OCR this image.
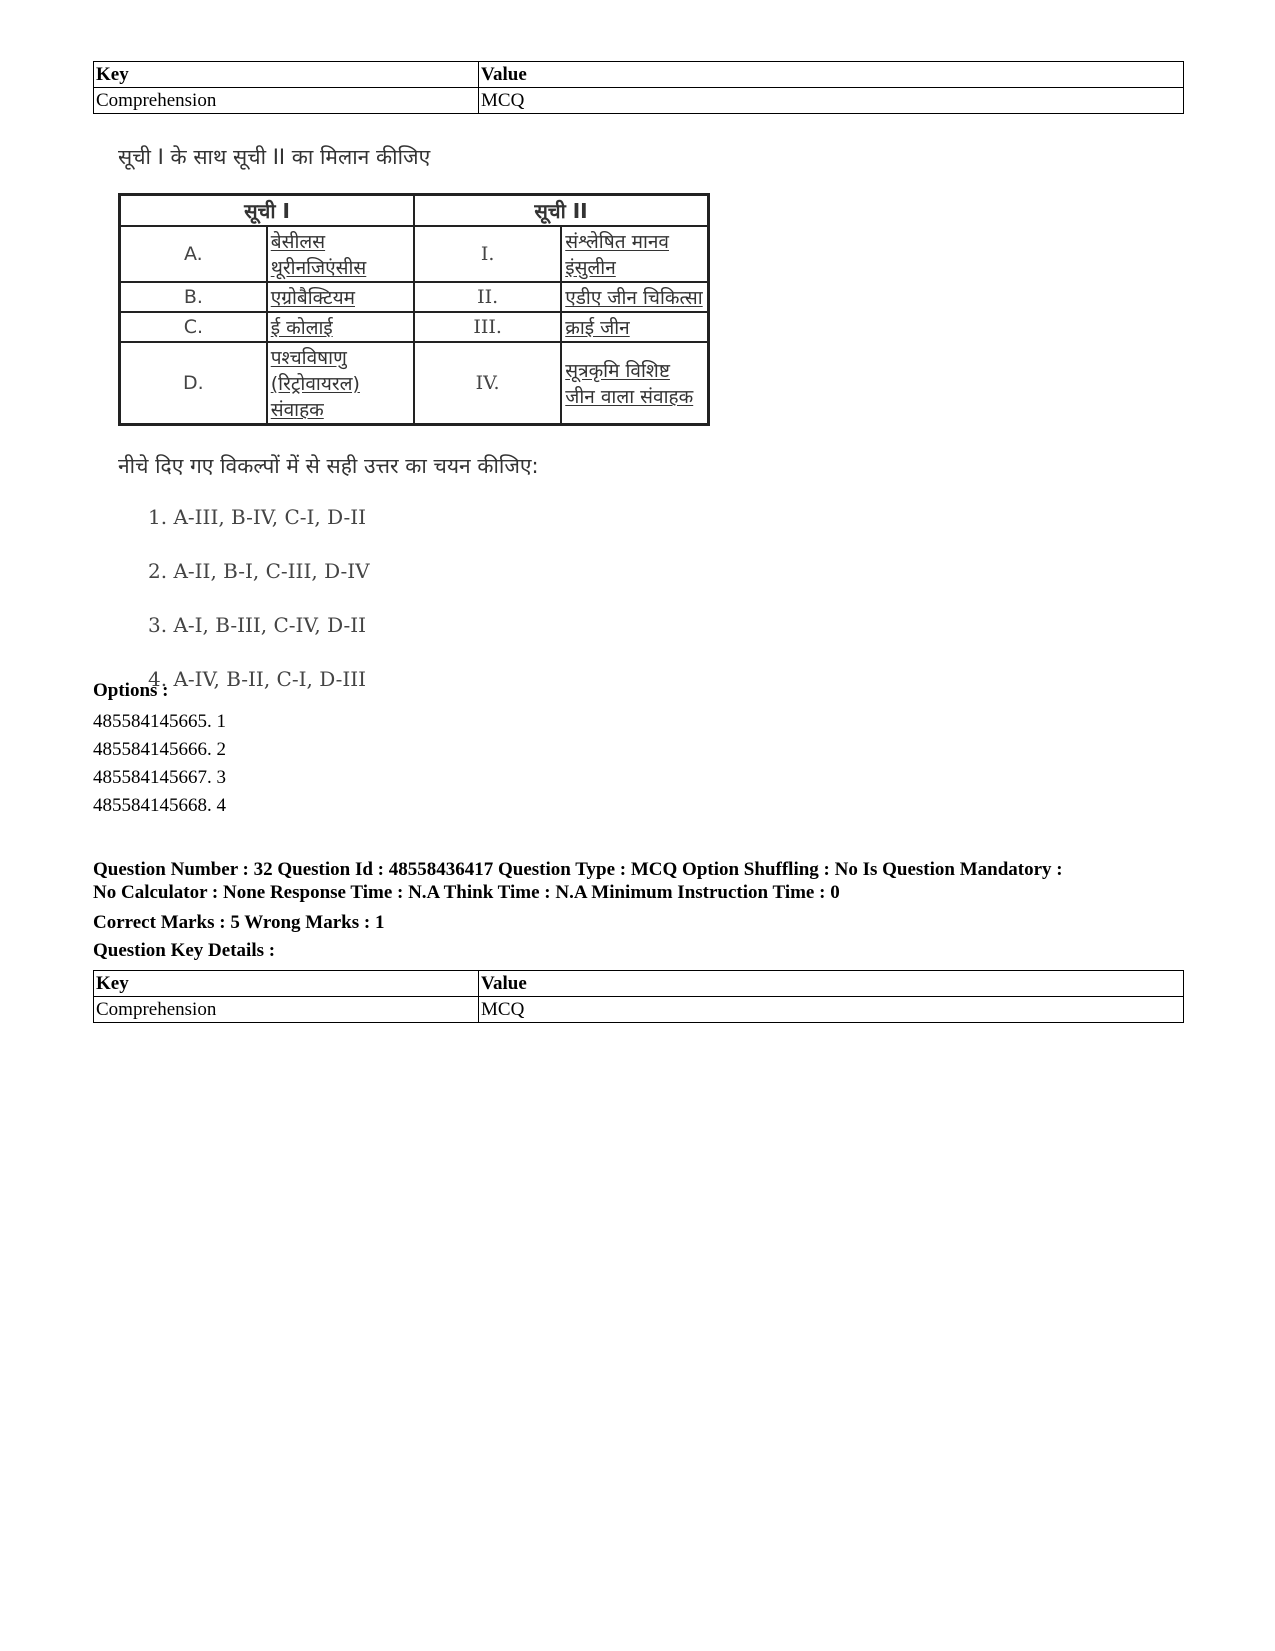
Key	Value
Comprehension	MCQ

सूची I के साथ सूची II का मिलान कीजिए

सूची I		सूची II	
A.	बेसीलस थूरीनजिएंसीस	I.	संश्लेषित मानव इंसुलीन
B.	एग्रोबैक्टियम	II.	एडीए जीन चिकित्सा
C.	ई कोलाई	III.	क्राई जीन
D.	पश्चविषाणु (रिट्रोवायरल) संवाहक	IV.	सूत्रकृमि विशिष्ट जीन वाला संवाहक

नीचे दिए गए विकल्पों में से सही उत्तर का चयन कीजिए:

1. A-III, B-IV, C-I, D-II
2. A-II, B-I, C-III, D-IV
3. A-I, B-III, C-IV, D-II
4. A-IV, B-II, C-I, D-III
Options :
485584145665. 1
485584145666. 2
485584145667. 3
485584145668. 4
Question Number : 32 Question Id : 48558436417 Question Type : MCQ Option Shuffling : No Is Question Mandatory :
No Calculator : None Response Time : N.A Think Time : N.A Minimum Instruction Time : 0
Correct Marks : 5 Wrong Marks : 1
Question Key Details :
Key	Value
Comprehension	MCQ
